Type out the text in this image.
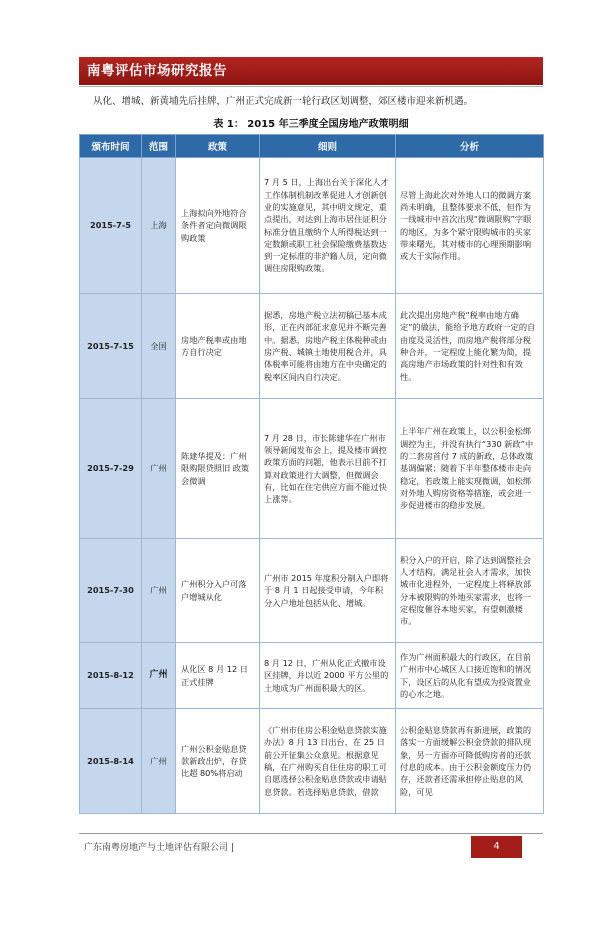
南粤评估市场研究报告
从化、增城、新黄埔先后挂牌，广州正式完成新一轮行政区划调整，郊区楼市迎来新机遇。
表 1： 2015 年三季度全国房地产政策明细
颁布时间	范围	政策	细则	分析
2015-7-5	上海	上海拟向外地符合条件者定向微调限购政策	7 月 5 日，上海出台关于深化人才工作体制机制改革促进人才创新创业的实施意见，其中明文规定，重点提出，对达到上海市居住证积分标准分值且缴纳个人所得税达到一定数额或职工社会保险缴费基数达到一定标准的非沪籍人员，定向微调住房限购政策。	尽管上海此次对外地人口的微调方案尚未明确，且整体要求不低，但作为一线城市中首次出现“微调限购”字眼的地区，为多个紧守限购城市的买家带来曙光，其对楼市的心理预期影响或大于实际作用。

2015-7-15	全国	房地产税率或由地方自行决定	据悉，房地产税立法初稿已基本成形，正在内部征求意见并不断完善中。据悉，房地产税主体税种或由房产税、城镇土地使用税合并，具体税率可能将由地方在中央确定的税率区间内自行决定。	此次提出房地产税“税率由地方确定”的做法，能给予地方政府一定的自由度及灵活性，而房地产税将部分税种合并，一定程度上能化繁为简，提高房地产市场政策的针对性和有效性。

2015-7-29	广州	陈建华提及：广州限购限贷照旧 政策会微调	7 月 28 日，市长陈建华在广州市领导新闻发布会上，提及楼市调控政策方面的问题，他表示目前不打算对政策进行大调整，但微调会有，比如在住宅供应方面不能过快上涨等。	上半年广州在政策上，以公积金松绑调控为主，并没有执行“330 新政”中的二套房首付 7 成的新政，总体政策基调偏紧；随着下半年整体楼市走向稳定，若政策上能实现微调，如松绑对外地人购房资格等措施，或会进一步促进楼市的稳步发展。

2015-7-30	广州	广州积分入户可落户增城从化	广州市 2015 年度积分制入户即将于 8 月 1 日起接受申请，今年积分入户地址包括从化、增城。	积分入户的开启，除了达到调整社会人才结构，满足社会人才需求，加快城市化进程外，一定程度上将释放部分本被限购的外地买家需求，也将一定程度催谷本地买家，有望刺激楼市。

2015-8-12	广州	从化区 8 月 12 日正式挂牌	8 月 12 日，广州从化正式撤市设区挂牌，并以近 2000 平方公里的土地成为广州面积最大的区。	作为广州面积最大的行政区，在目前广州市中心城区人口接近饱和的情况下，设区后的从化有望成为投资置业的心水之地。

2015-8-14	广州	广州公积金贴息贷款新政出炉，存贷比超 80%将启动	《广州市住房公积金贴息贷款实施办法》8 月 13 日出台，在 25 日前公开征集公众意见。根据意见稿，在广州购买自住住房的职工可自愿选择公积金贴息贷款或申请贴息贷款。若选择贴息贷款，借款	公积金贴息贷款再有新进展，政策的落实一方面缓解公积金贷款的排队现象，另一方面亦可降低购房者的还款付息的成本。由于公积金额度压力仍存，还款者还需承担停止贴息的风险，可见
广东南粤房地产与土地评估有限公司 |	4
